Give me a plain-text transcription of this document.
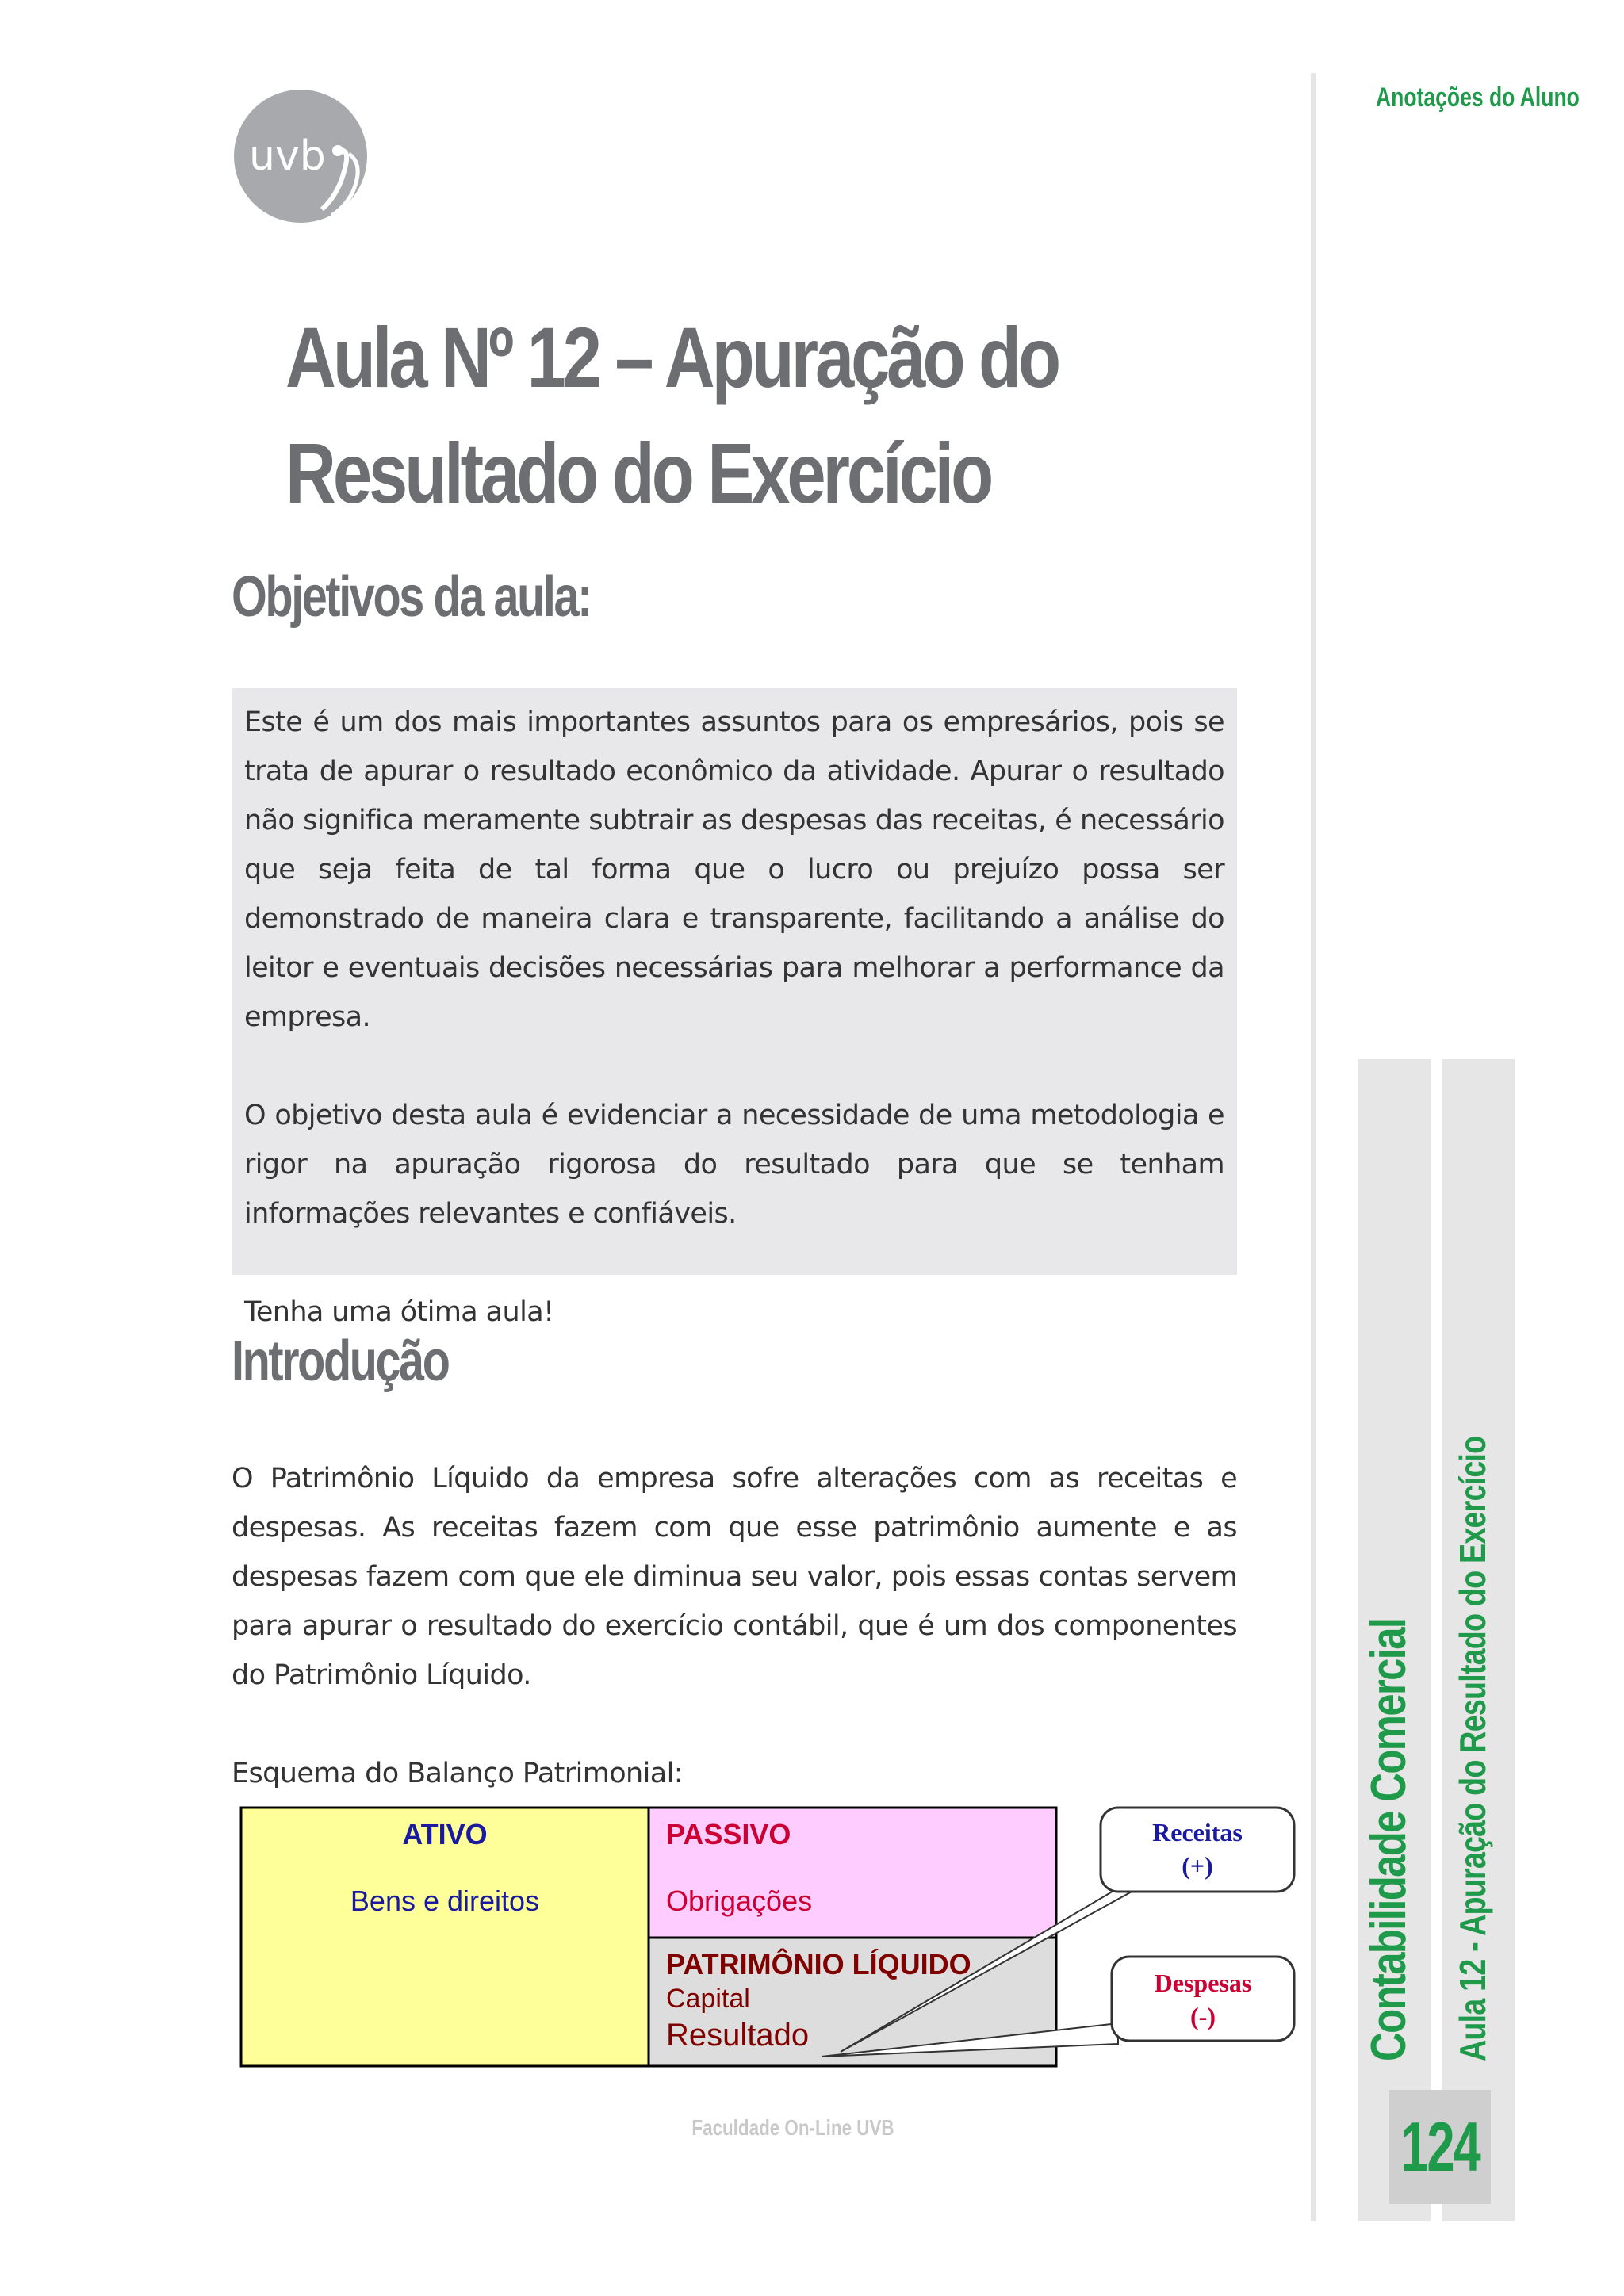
uvb
Aula Nº 12 – Apuração do
Resultado do Exercício
Objetivos da aula:

Este é um dos mais importantes assuntos para os empresários, pois se trata de apurar o resultado econômico da atividade. Apurar o resultado não significa meramente subtrair as despesas das receitas, é necessário que seja feita de tal forma que o lucro ou prejuízo possa ser demonstrado de maneira clara e transparente, facilitando a análise do leitor e eventuais decisões necessárias para melhorar a performance da empresa.

O objetivo desta aula é evidenciar a necessidade de uma metodologia e rigor na apuração rigorosa do resultado para que se tenham informações relevantes e confiáveis.

Tenha uma ótima aula!

Introdução

O Patrimônio Líquido da empresa sofre alterações com as receitas e despesas. As receitas fazem com que esse patrimônio aumente e as despesas fazem com que ele diminua seu valor, pois essas contas servem para apurar o resultado do exercício contábil, que é um dos componentes do Patrimônio Líquido.

Esquema do Balanço Patrimonial:

ATIVO
Bens e direitos
PASSIVO
Obrigações
PATRIMÔNIO LÍQUIDO
Capital
Resultado
Receitas
(+)
Despesas
(-)
Faculdade On-Line UVB
Anotações do Aluno
Contabilidade Comercial Aula 12 - Apuração do Resultado do Exercício
124
